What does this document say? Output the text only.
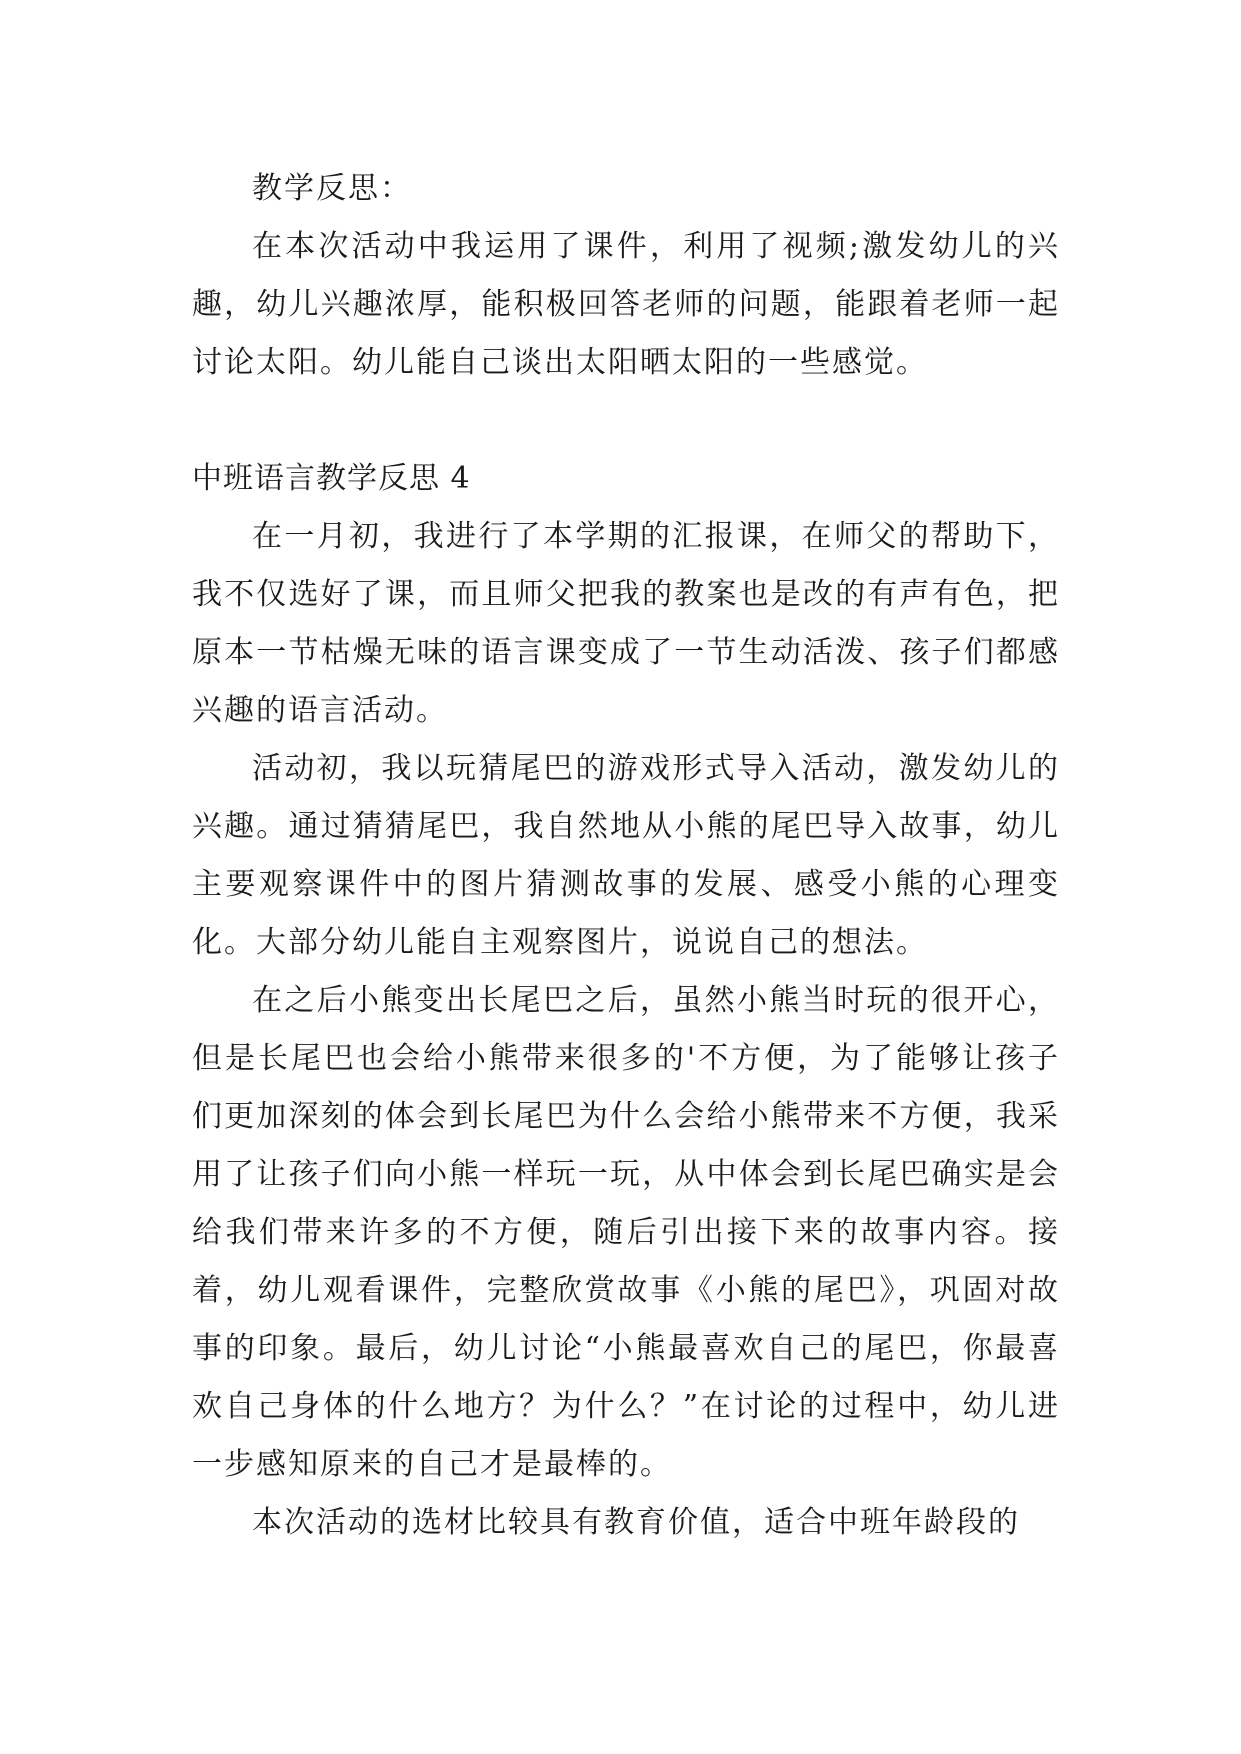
教学反思：

在本次活动中我运用了课件，利用了视频;激发幼儿的兴趣，幼儿兴趣浓厚，能积极回答老师的问题，能跟着老师一起讨论太阳。幼儿能自己谈出太阳晒太阳的一些感觉。

中班语言教学反思 4

在一月初，我进行了本学期的汇报课，在师父的帮助下，我不仅选好了课，而且师父把我的教案也是改的有声有色，把原本一节枯燥无味的语言课变成了一节生动活泼、孩子们都感兴趣的语言活动。

活动初，我以玩猜尾巴的游戏形式导入活动，激发幼儿的兴趣。通过猜猜尾巴，我自然地从小熊的尾巴导入故事，幼儿主要观察课件中的图片猜测故事的发展、感受小熊的心理变化。大部分幼儿能自主观察图片，说说自己的想法。

在之后小熊变出长尾巴之后，虽然小熊当时玩的很开心，但是长尾巴也会给小熊带来很多的'不方便，为了能够让孩子们更加深刻的体会到长尾巴为什么会给小熊带来不方便，我采用了让孩子们向小熊一样玩一玩，从中体会到长尾巴确实是会给我们带来许多的不方便，随后引出接下来的故事内容。接着，幼儿观看课件，完整欣赏故事《小熊的尾巴》，巩固对故事的印象。最后，幼儿讨论“小熊最喜欢自己的尾巴，你最喜欢自己身体的什么地方？为什么？”在讨论的过程中，幼儿进一步感知原来的自己才是最棒的。

本次活动的选材比较具有教育价值，适合中班年龄段的
